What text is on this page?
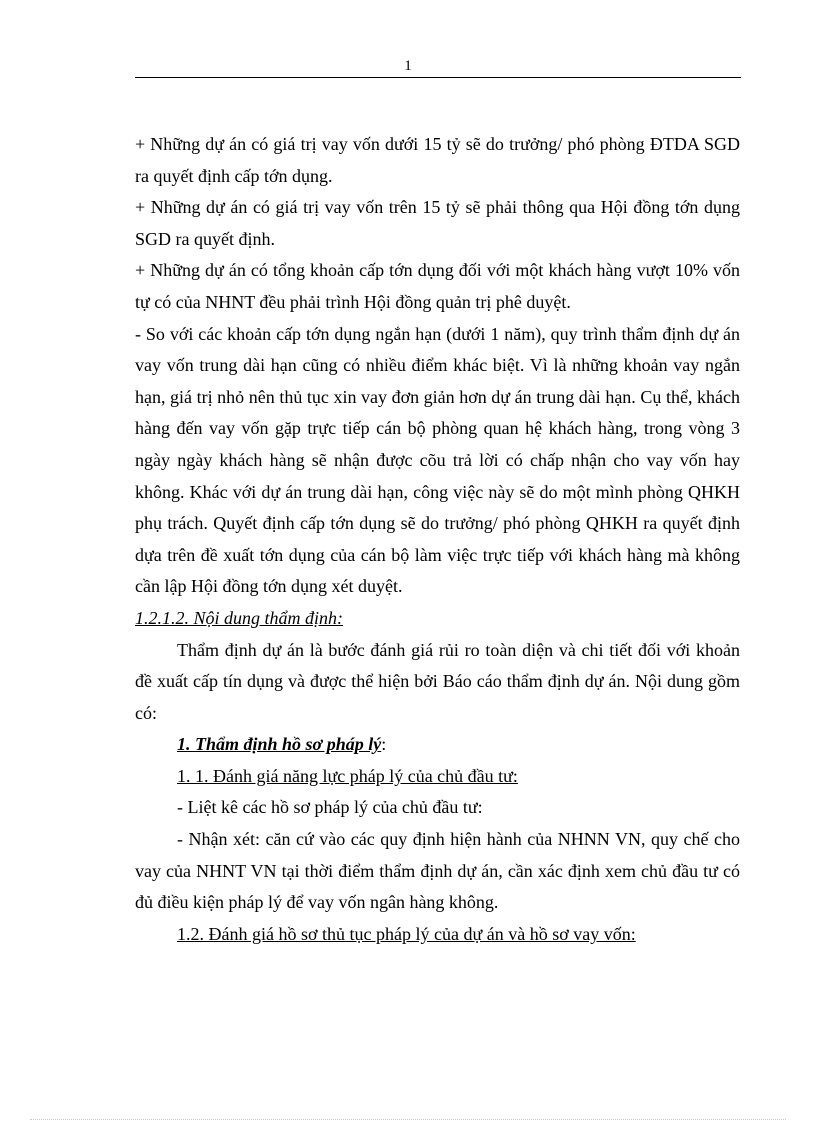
1

+ Những dự án có giá trị vay vốn dưới 15 tỷ sẽ do trưởng/ phó phòng ĐTDA SGD ra quyết định cấp tớn dụng.

+ Những dự án có giá trị vay vốn trên 15 tỷ sẽ phải thông qua Hội đồng tớn dụng SGD ra quyết định.

+ Những dự án có tổng khoản cấp tớn dụng đối với một khách hàng vượt 10% vốn tự có của NHNT đều phải trình Hội đồng quản trị phê duyệt.

- So với các khoản cấp tớn dụng ngắn hạn (dưới 1 năm), quy trình thẩm định dự án vay vốn trung dài hạn cũng có nhiều điểm khác biệt. Vì là những khoản vay ngắn hạn, giá trị nhỏ nên thủ tục xin vay đơn giản hơn dự án trung dài hạn. Cụ thể, khách hàng đến vay vốn gặp trực tiếp cán bộ phòng quan hệ khách hàng, trong vòng 3 ngày ngày khách hàng sẽ nhận được cõu trả lời có chấp nhận cho vay vốn hay không. Khác với dự án trung dài hạn, công việc này sẽ do một mình phòng QHKH phụ trách. Quyết định cấp tớn dụng sẽ do trưởng/ phó phòng QHKH ra quyết định dựa trên đề xuất tớn dụng của cán bộ làm việc trực tiếp với khách hàng mà không cần lập Hội đồng tớn dụng xét duyệt.

1.2.1.2. Nội dung thẩm định:

Thẩm định dự án là bước đánh giá rủi ro toàn diện và chi tiết đối với khoản đề xuất cấp tín dụng và được thể hiện bởi Báo cáo thẩm định dự án. Nội dung gồm có:

1. Thẩm định hồ sơ pháp lý:

1. 1. Đánh giá năng lực pháp lý của chủ đầu tư:

- Liệt kê các hồ sơ pháp lý của chủ đầu tư:

- Nhận xét: căn cứ vào các quy định hiện hành của NHNN VN, quy chế cho vay của NHNT VN tại thời điểm thẩm định dự án, cần xác định xem chủ đầu tư có đủ điều kiện pháp lý để vay vốn ngân hàng không.

1.2. Đánh giá hồ sơ thủ tục pháp lý của dự án và hồ sơ vay vốn:
